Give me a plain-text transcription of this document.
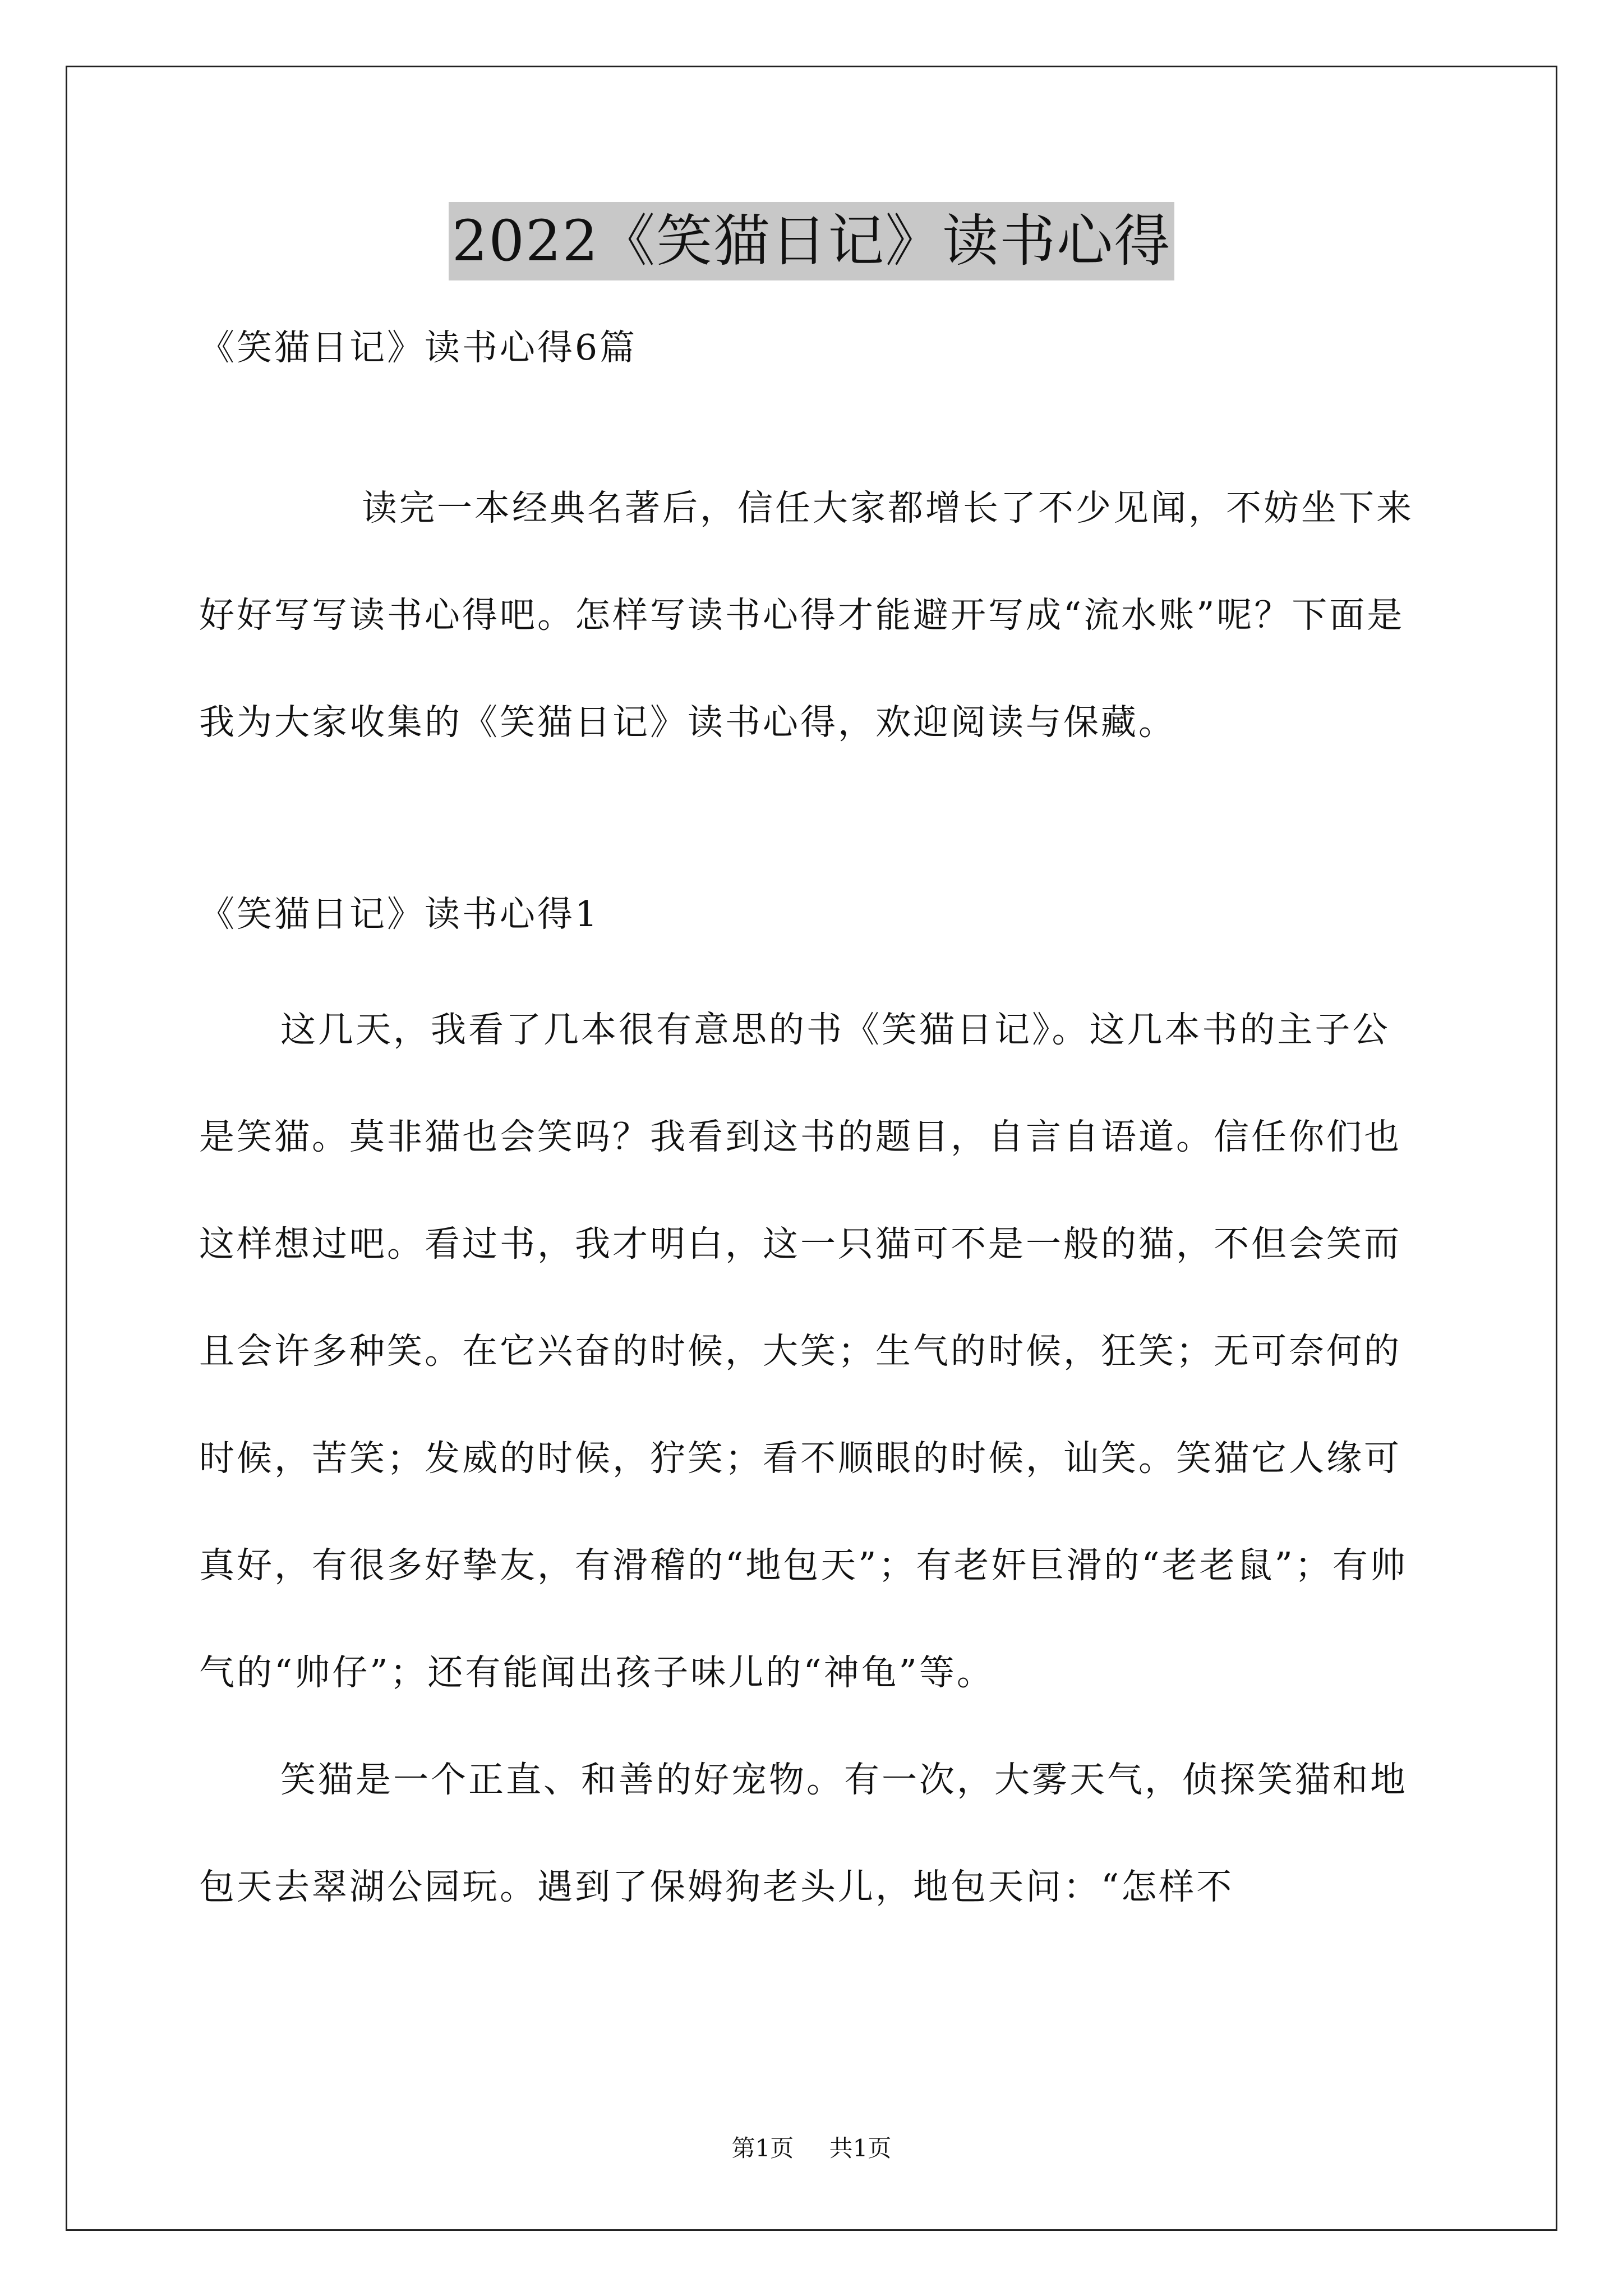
2022《笑猫日记》读书心得
《笑猫日记》读书心得6篇
读完一本经典名著后，信任大家都增长了不少见闻，不妨坐下来好好写写读书心得吧。怎样写读书心得才能避开写成“流水账”呢？下面是我为大家收集的《笑猫日记》读书心得，欢迎阅读与保藏。
《笑猫日记》读书心得1

这几天，我看了几本很有意思的书《笑猫日记》。这几本书的主子公是笑猫。莫非猫也会笑吗？我看到这书的题目，自言自语道。信任你们也这样想过吧。看过书，我才明白，这一只猫可不是一般的猫，不但会笑而且会许多种笑。在它兴奋的时候，大笑；生气的时候，狂笑；无可奈何的时候，苦笑；发威的时候，狞笑；看不顺眼的时候，讪笑。笑猫它人缘可真好，有很多好挚友，有滑稽的“地包天”；有老奸巨滑的“老老鼠”；有帅气的“帅仔”；还有能闻出孩子味儿的“神龟”等。

笑猫是一个正直、和善的好宠物。有一次，大雾天气，侦探笑猫和地包天去翠湖公园玩。遇到了保姆狗老头儿，地包天问：“怎样不

第1页 共1页
